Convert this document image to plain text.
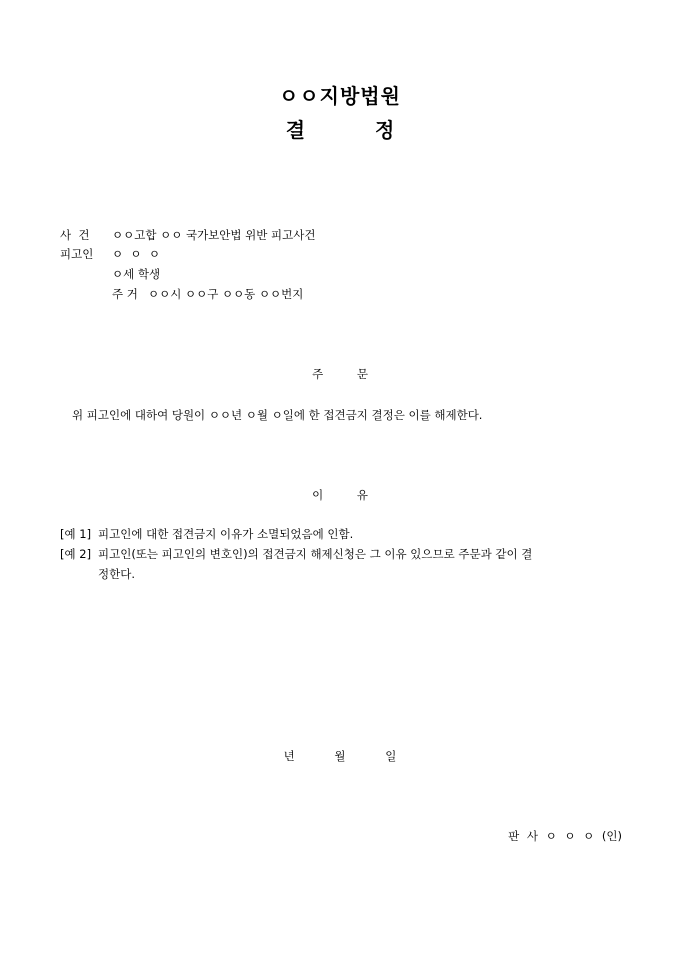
ㅇㅇ지방법원
결  정
사  건 ㅇㅇ고합 ㅇㅇ 국가보안법 위반 피고사건
피고인 ㅇ  ㅇ  ㅇ
ㅇ세 학생
주 거 ㅇㅇ시 ㅇㅇ구 ㅇㅇ동 ㅇㅇ번지
주 문
위 피고인에 대하여 당원이 ㅇㅇ년 ㅇ월 ㅇ일에 한 접견금지 결정은 이를 해제한다.
이 유
[예 1] 피고인에 대한 접견금지 이유가 소멸되었음에 인함.
[예 2] 피고인(또는 피고인의 변호인)의 접견금지 해제신청은 그 이유 있으므로 주문과 같이 결
정한다.
년 월 일
판 사 ㅇ ㅇ ㅇ (인)
